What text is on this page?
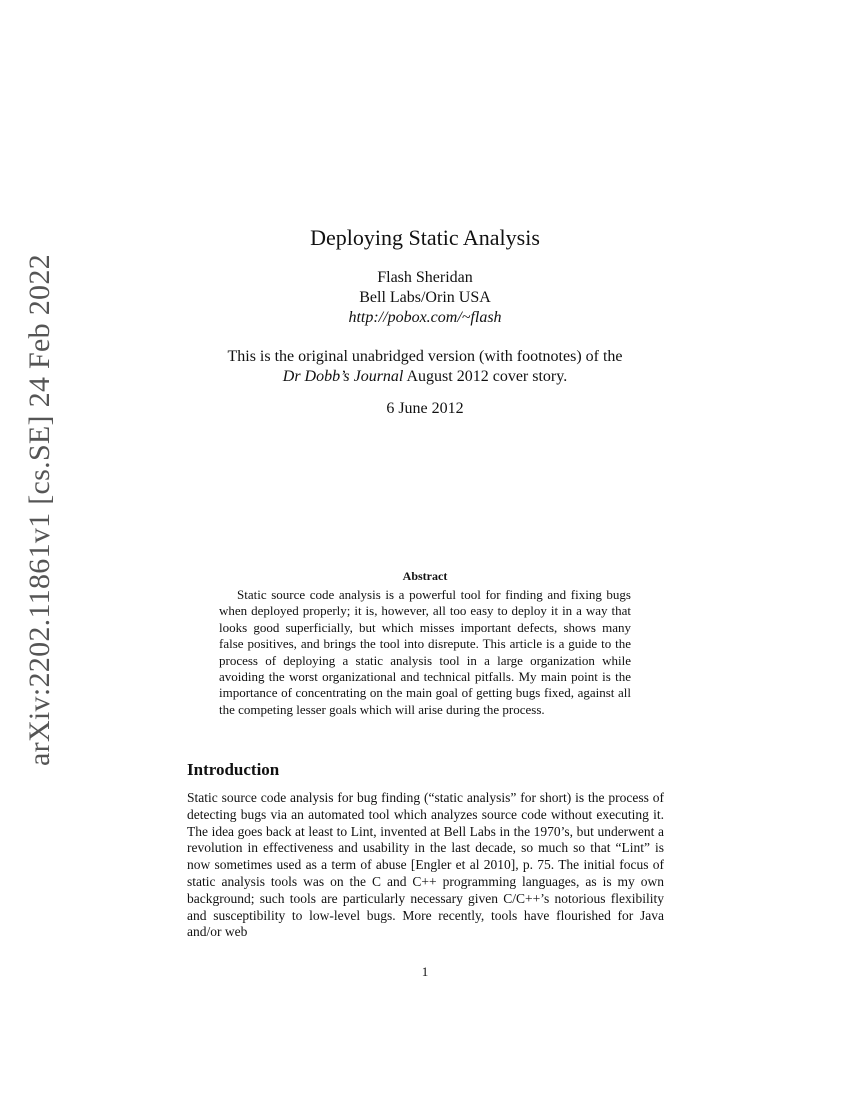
arXiv:2202.11861v1 [cs.SE] 24 Feb 2022
Deploying Static Analysis
Flash Sheridan
Bell Labs/Orin USA
http://pobox.com/~flash
This is the original unabridged version (with footnotes) of the
Dr Dobb’s Journal August 2012 cover story.
6 June 2012
Abstract
Static source code analysis is a powerful tool for finding and fixing bugs when deployed properly; it is, however, all too easy to deploy it in a way that looks good superficially, but which misses important defects, shows many false positives, and brings the tool into disrepute. This article is a guide to the process of deploying a static analysis tool in a large organization while avoiding the worst organizational and technical pitfalls. My main point is the importance of concentrating on the main goal of getting bugs fixed, against all the competing lesser goals which will arise during the process.
Introduction
Static source code analysis for bug finding (“static analysis” for short) is the process of detecting bugs via an automated tool which analyzes source code without executing it. The idea goes back at least to Lint, invented at Bell Labs in the 1970’s, but underwent a revolution in effectiveness and usability in the last decade, so much so that “Lint” is now sometimes used as a term of abuse [Engler et al 2010], p. 75. The initial focus of static analysis tools was on the C and C++ programming languages, as is my own background; such tools are particularly necessary given C/C++’s notorious flexibility and susceptibility to low-level bugs. More recently, tools have flourished for Java and/or web
1
